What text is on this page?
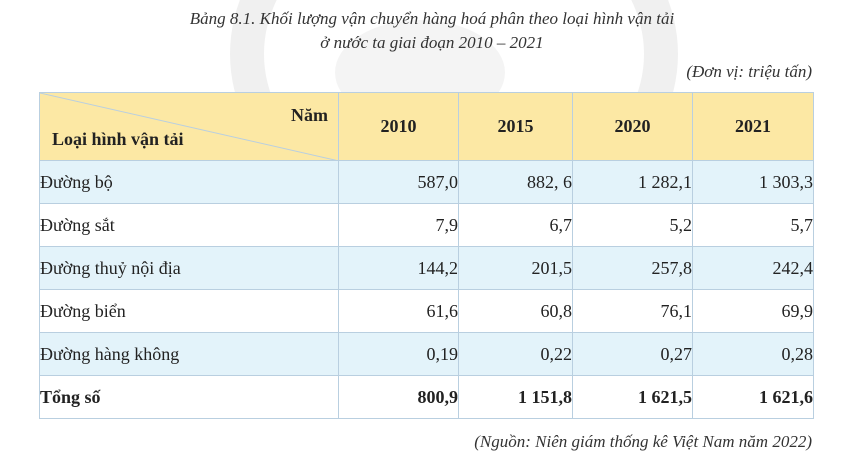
Bảng 8.1. Khối lượng vận chuyển hàng hoá phân theo loại hình vận tải
ở nước ta giai đoạn 2010 – 2021
(Đơn vị: triệu tấn)
Năm
Loại hình vận tải	2010	2015	2020	2021
Đường bộ	587,0	882, 6	1 282,1	1 303,3
Đường sắt	7,9	6,7	5,2	5,7
Đường thuỷ nội địa	144,2	201,5	257,8	242,4
Đường biển	61,6	60,8	76,1	69,9
Đường hàng không	0,19	0,22	0,27	0,28
Tổng số	800,9	1 151,8	1 621,5	1 621,6
(Nguồn: Niên giám thống kê Việt Nam năm 2022)
